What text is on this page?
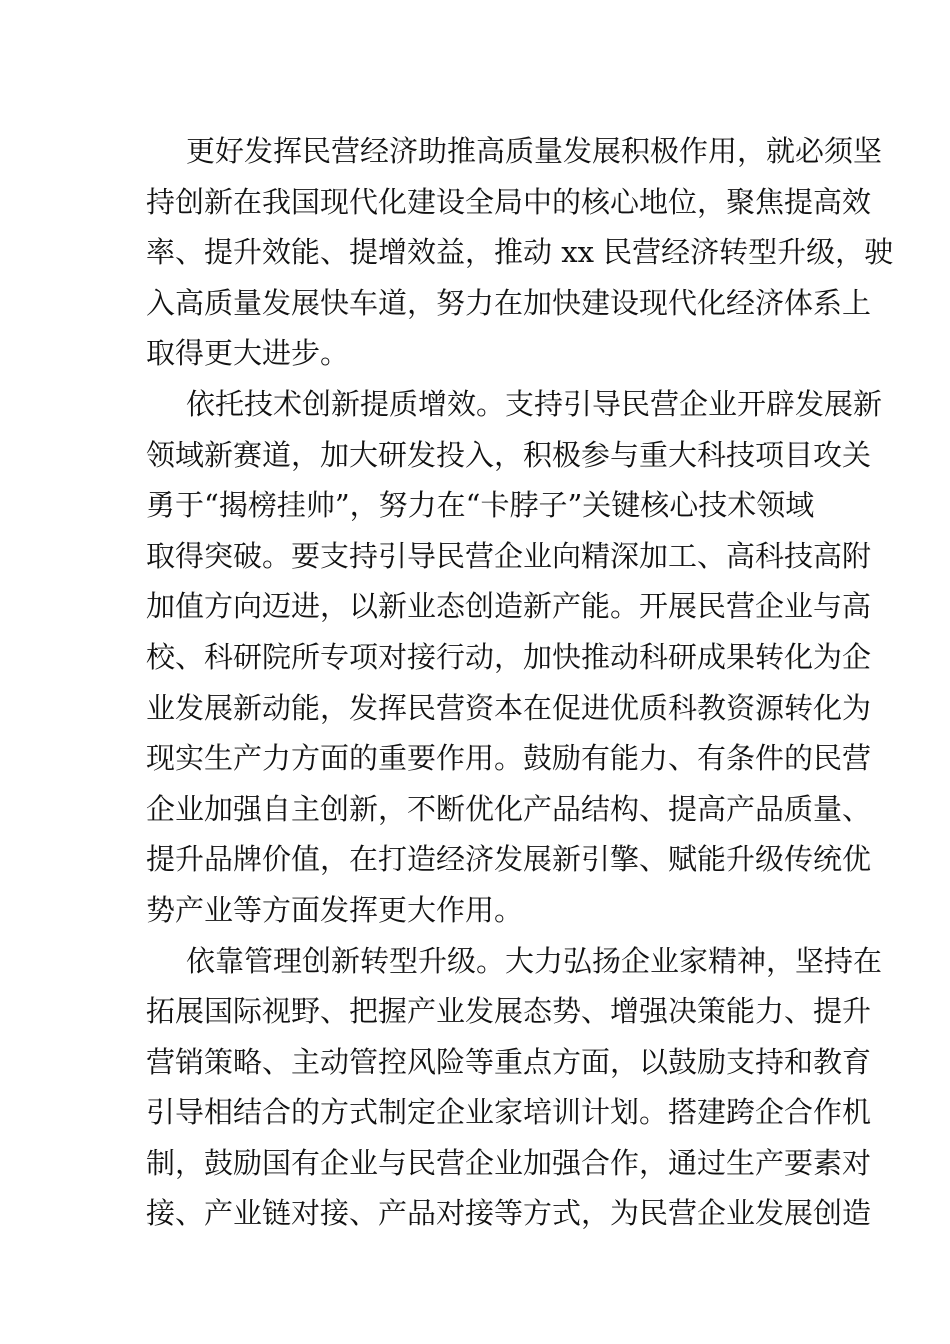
更好发挥民营经济助推高质量发展积极作用，就必须坚
持创新在我国现代化建设全局中的核心地位，聚焦提高效
率、提升效能、提增效益，推动 xx 民营经济转型升级，驶
入高质量发展快车道，努力在加快建设现代化经济体系上
取得更大进步。

依托技术创新提质增效。支持引导民营企业开辟发展新
领域新赛道，加大研发投入，积极参与重大科技项目攻关
勇于“揭榜挂帅”，努力在“卡脖子”关键核心技术领域
取得突破。要支持引导民营企业向精深加工、高科技高附
加值方向迈进，以新业态创造新产能。开展民营企业与高
校、科研院所专项对接行动，加快推动科研成果转化为企
业发展新动能，发挥民营资本在促进优质科教资源转化为
现实生产力方面的重要作用。鼓励有能力、有条件的民营
企业加强自主创新，不断优化产品结构、提高产品质量、
提升品牌价值，在打造经济发展新引擎、赋能升级传统优
势产业等方面发挥更大作用。

依靠管理创新转型升级。大力弘扬企业家精神，坚持在
拓展国际视野、把握产业发展态势、增强决策能力、提升
营销策略、主动管控风险等重点方面，以鼓励支持和教育
引导相结合的方式制定企业家培训计划。搭建跨企合作机
制，鼓励国有企业与民营企业加强合作，通过生产要素对
接、产业链对接、产品对接等方式，为民营企业发展创造
